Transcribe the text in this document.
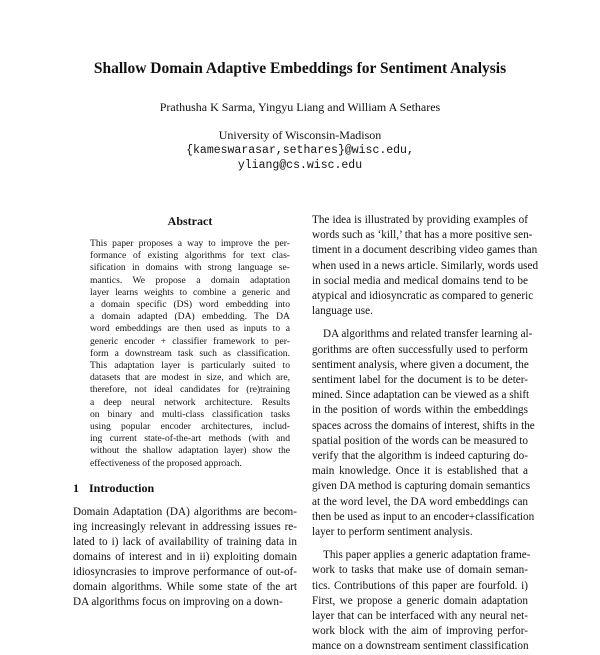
Shallow Domain Adaptive Embeddings for Sentiment Analysis
Prathusha K Sarma, Yingyu Liang and William A Sethares
University of Wisconsin-Madison
{kameswarasar,sethares}@wisc.edu,
yliang@cs.wisc.edu
Abstract
This paper proposes a way to improve the per-
formance of existing algorithms for text clas-
sification in domains with strong language se-
mantics. We propose a domain adaptation
layer learns weights to combine a generic and
a domain specific (DS) word embedding into
a domain adapted (DA) embedding. The DA
word embeddings are then used as inputs to a
generic encoder + classifier framework to per-
form a downstream task such as classification.
This adaptation layer is particularly suited to
datasets that are modest in size, and which are,
therefore, not ideal candidates for (re)training
a deep neural network architecture. Results
on binary and multi-class classification tasks
using popular encoder architectures, includ-
ing current state-of-the-art methods (with and
without the shallow adaptation layer) show the
effectiveness of the proposed approach.
1 Introduction
Domain Adaptation (DA) algorithms are becom-
ing increasingly relevant in addressing issues re-
lated to i) lack of availability of training data in
domains of interest and in ii) exploiting domain
idiosyncrasies to improve performance of out-of-
domain algorithms. While some state of the art
DA algorithms focus on improving on a down-
The idea is illustrated by providing examples of
words such as ‘kill,’ that has a more positive sen-
timent in a document describing video games than
when used in a news article. Similarly, words used
in social media and medical domains tend to be
atypical and idiosyncratic as compared to generic
language use.
DA algorithms and related transfer learning al-
gorithms are often successfully used to perform
sentiment analysis, where given a document, the
sentiment label for the document is to be deter-
mined. Since adaptation can be viewed as a shift
in the position of words within the embeddings
spaces across the domains of interest, shifts in the
spatial position of the words can be measured to
verify that the algorithm is indeed capturing do-
main knowledge. Once it is established that a
given DA method is capturing domain semantics
at the word level, the DA word embeddings can
then be used as input to an encoder+classification
layer to perform sentiment analysis.
This paper applies a generic adaptation frame-
work to tasks that make use of domain seman-
tics. Contributions of this paper are fourfold. i)
First, we propose a generic domain adaptation
layer that can be interfaced with any neural net-
work block with the aim of improving perfor-
mance on a downstream sentiment classification
